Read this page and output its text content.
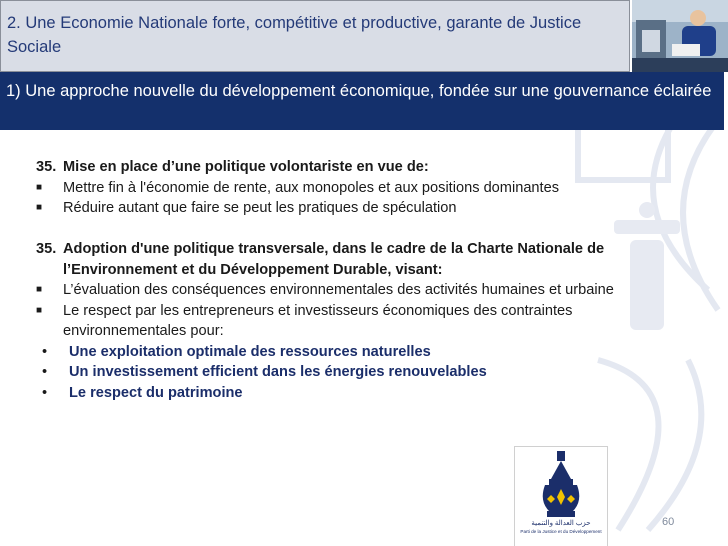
2. Une Economie Nationale forte, compétitive et productive, garante de Justice Sociale
1) Une approche nouvelle du développement économique, fondée sur une gouvernance éclairée
35. Mise en place d’une politique volontariste en vue de:
■	Mettre fin à l'économie de rente, aux monopoles et aux positions dominantes
■	Réduire autant que faire se peut les pratiques de spéculation
35. Adoption d'une politique transversale, dans le cadre de la Charte Nationale de l’Environnement et du Développement Durable, visant:
■	L’évaluation des conséquences environnementales des activités humaines et urbaine
■	Le respect par les entrepreneurs et investisseurs économiques des contraintes environnementales pour:
•	Une exploitation optimale des ressources naturelles
•	Un investissement efficient dans les énergies renouvelables
•	Le respect du patrimoine
حزب العدالة والتنمية
Parti de la Justice et du Développement
60
